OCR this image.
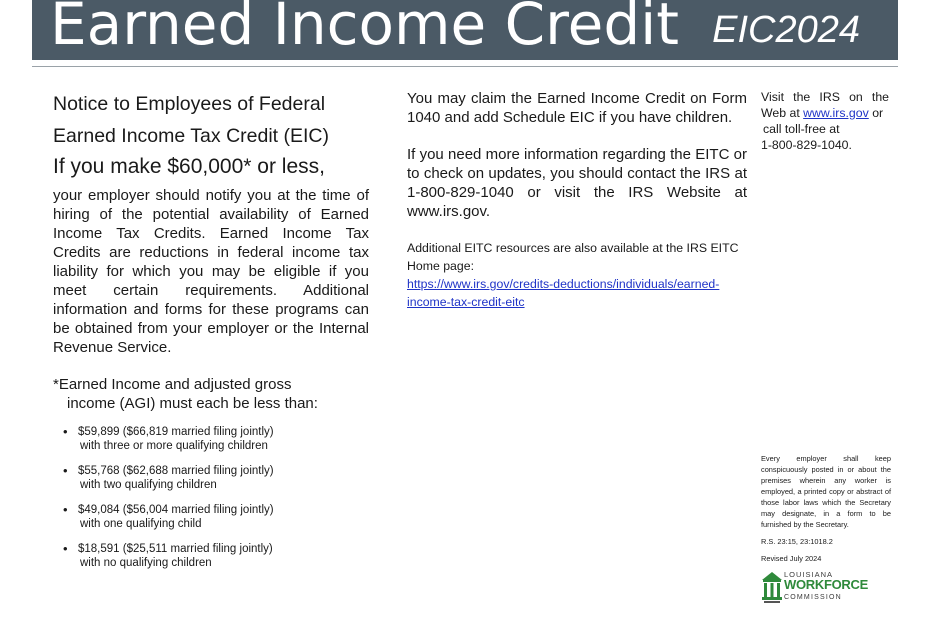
Earned Income Credit EIC2024

Notice to Employees of Federal

Earned Income Tax Credit (EIC)

If you make $60,000* or less,

your employer should notify you at the time of hiring of the potential availability of Earned Income Tax Credits. Earned Income Tax Credits are reductions in federal income tax liability for which you may be eligible if you meet certain requirements. Additional information and forms for these programs can be obtained from your employer or the Internal Revenue Service.

*Earned Income and adjusted gross
income (AGI) must each be less than:

• $59,899 ($66,819 married filing jointly)
with three or more qualifying children
• $55,768 ($62,688 married filing jointly)
with two qualifying children
• $49,084 ($56,004 married filing jointly)
with one qualifying child
• $18,591 ($25,511 married filing jointly)
with no qualifying children

You may claim the Earned Income Credit on Form 1040 and add Schedule EIC if you have children.

If you need more information regarding the EITC or to check on updates, you should contact the IRS at 1-800-829-1040 or visit the IRS Website at www.irs.gov.

Additional EITC resources are also available at the IRS EITC Home page:
https://www.irs.gov/credits-deductions/individuals/earned-income-tax-credit-eitc

Visit the IRS on the Web at www.irs.gov or
call toll-free at
1-800-829-1040.

Every employer shall keep conspicuously posted in or about the premises wherein any worker is employed, a printed copy or abstract of those labor laws which the Secretary may designate, in a form to be furnished by the Secretary.

R.S. 23:15, 23:1018.2

Revised July 2024

LOUISIANA
WORKFORCE
COMMISSION
